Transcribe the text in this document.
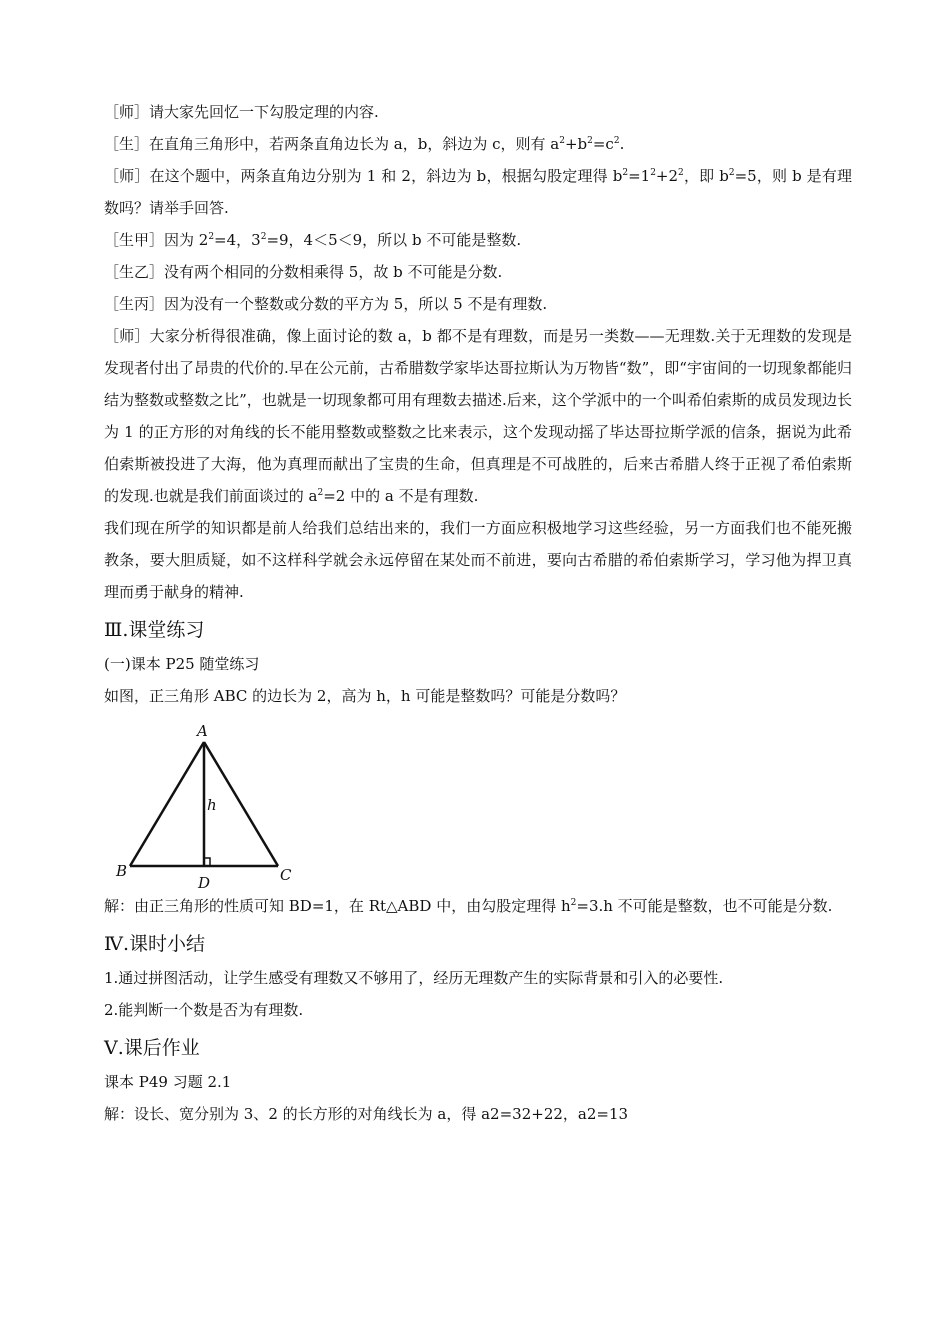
［师］请大家先回忆一下勾股定理的内容.

［生］在直角三角形中，若两条直角边长为 a，b，斜边为 c，则有 $a^2+b^2=c^2$.

［师］在这个题中，两条直角边分别为 1 和 2，斜边为 b，根据勾股定理得 $b^2=1^2+2^2$，即 $b^2=5$，则 b 是有理数吗？请举手回答.

［生甲］因为 $2^2=4$，$3^2=9$，4＜5＜9，所以 b 不可能是整数.

［生乙］没有两个相同的分数相乘得 5，故 b 不可能是分数.

［生丙］因为没有一个整数或分数的平方为 5，所以 5 不是有理数.

［师］大家分析得很准确，像上面讨论的数 a，b 都不是有理数，而是另一类数——无理数.关于无理数的发现是发现者付出了昂贵的代价的.早在公元前，古希腊数学家毕达哥拉斯认为万物皆“数”，即“宇宙间的一切现象都能归结为整数或整数之比”，也就是一切现象都可用有理数去描述.后来，这个学派中的一个叫希伯索斯的成员发现边长为 1 的正方形的对角线的长不能用整数或整数之比来表示，这个发现动摇了毕达哥拉斯学派的信条，据说为此希伯索斯被投进了大海，他为真理而献出了宝贵的生命，但真理是不可战胜的，后来古希腊人终于正视了希伯索斯的发现.也就是我们前面谈过的 $a^2=2$ 中的 a 不是有理数.

我们现在所学的知识都是前人给我们总结出来的，我们一方面应积极地学习这些经验，另一方面我们也不能死搬教条，要大胆质疑，如不这样科学就会永远停留在某处而不前进，要向古希腊的希伯索斯学习，学习他为捍卫真理而勇于献身的精神.

Ⅲ.课堂练习

(一)课本 P25 随堂练习

如图，正三角形 ABC 的边长为 2，高为 h，h 可能是整数吗？可能是分数吗？

A
B	C
D
h

解：由正三角形的性质可知 BD=1，在 Rt△ABD 中，由勾股定理得 $h^2=3.h$ 不可能是整数，也不可能是分数.

Ⅳ.课时小结

1.通过拼图活动，让学生感受有理数又不够用了，经历无理数产生的实际背景和引入的必要性.

2.能判断一个数是否为有理数.

Ⅴ.课后作业

课本 P49 习题 2.1

解：设长、宽分别为 3、2 的长方形的对角线长为 a，得 a2=32+22，a2=13
